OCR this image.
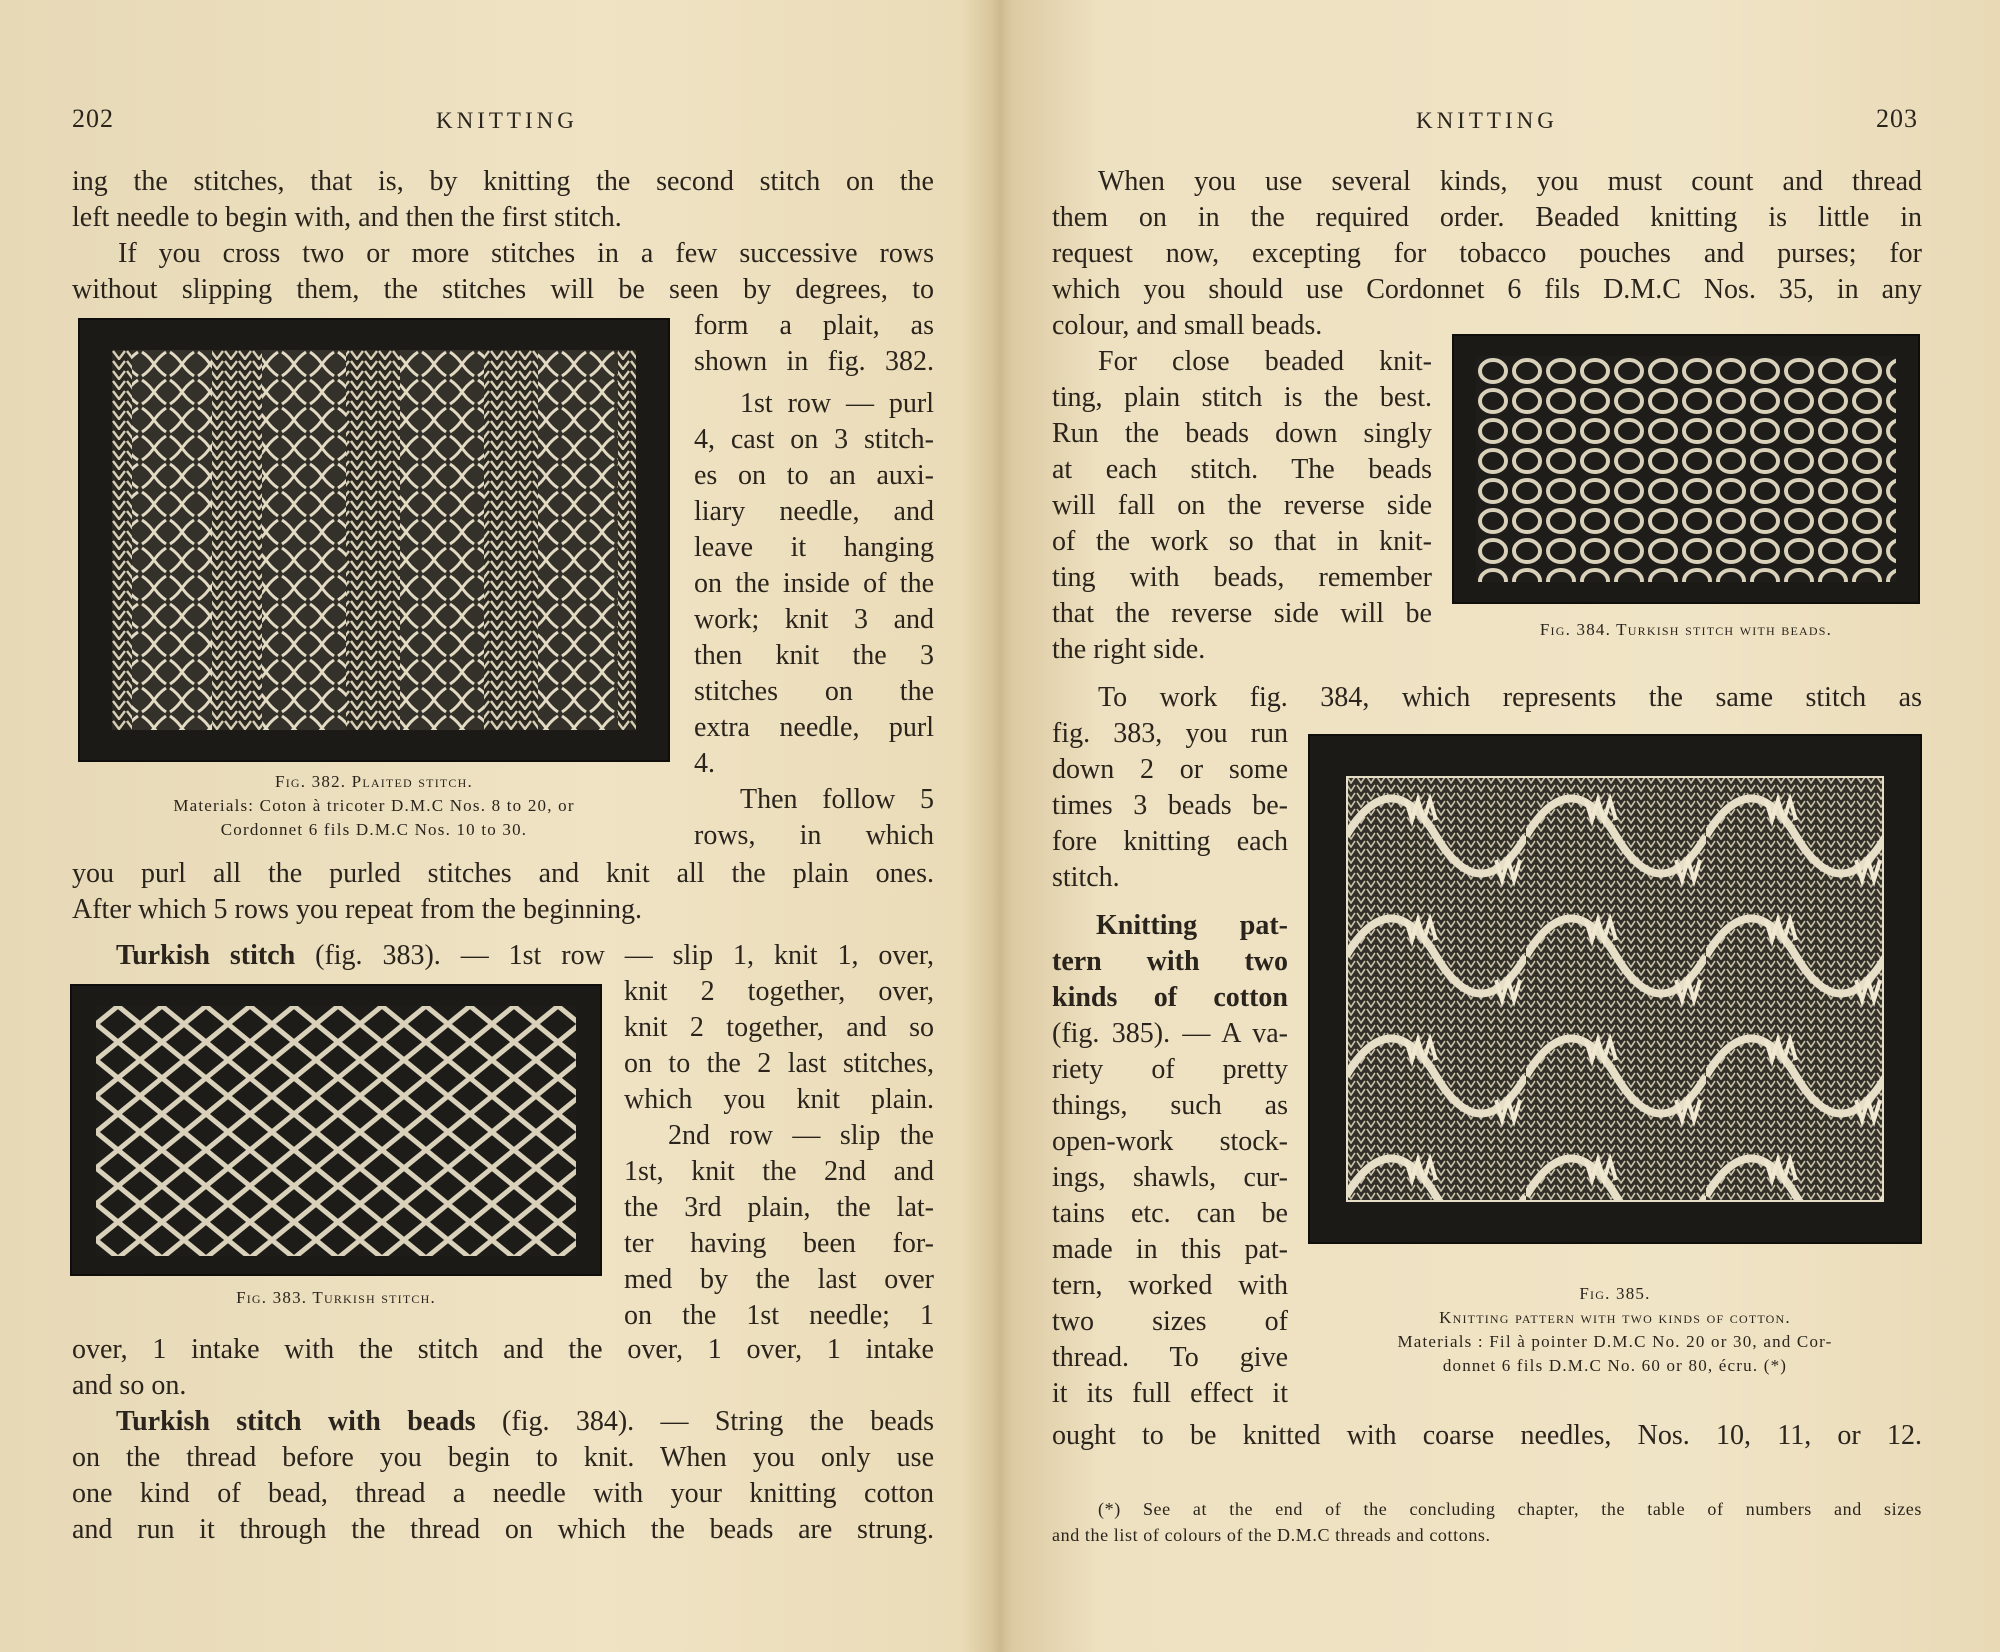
202	KNITTING
ing the stitches, that is, by knitting the second stitch on the
left needle to begin with, and then the first stitch.
If you cross two or more stitches in a few successive rows
without slipping them, the stitches will be seen by degrees, to
form a plait, as
shown in fig. 382.
1st row — purl
4, cast on 3 stitch-
es on to an auxi-
liary needle, and
leave it hanging
on the inside of the
work; knit 3 and
then knit the 3
stitches on the
extra needle, purl
4.
Then follow 5
rows, in which
Fig. 382. Plaited stitch.
Materials: Coton à tricoter D.M.C Nos. 8 to 20, or
Cordonnet 6 fils D.M.C Nos. 10 to 30.
you purl all the purled stitches and knit all the plain ones.
After which 5 rows you repeat from the beginning.
Turkish stitch (fig. 383). — 1st row — slip 1, knit 1, over,
knit 2 together, over,
knit 2 together, and so
on to the 2 last stitches,
which you knit plain.
2nd row — slip the
1st, knit the 2nd and
the 3rd plain, the lat-
ter having been for-
med by the last over
on the 1st needle; 1
Fig. 383. Turkish stitch.
over, 1 intake with the stitch and the over, 1 over, 1 intake
and so on.
Turkish stitch with beads (fig. 384). — String the beads
on the thread before you begin to knit. When you only use
one kind of bead, thread a needle with your knitting cotton
and run it through the thread on which the beads are strung.
KNITTING	203
When you use several kinds, you must count and thread
them on in the required order. Beaded knitting is little in
request now, excepting for tobacco pouches and purses; for
which you should use Cordonnet 6 fils D.M.C Nos. 35, in any
colour, and small beads.
For close beaded knit-
ting, plain stitch is the best.
Run the beads down singly
at each stitch. The beads
will fall on the reverse side
of the work so that in knit-
ting with beads, remember
that the reverse side will be
the right side.
Fig. 384. Turkish stitch with beads.
To work fig. 384, which represents the same stitch as
fig. 383, you run
down 2 or some
times 3 beads be-
fore knitting each
stitch.
Knitting pat-
tern with two
kinds of cotton
(fig. 385). — A va-
riety of pretty
things, such as
open-work stock-
ings, shawls, cur-
tains etc. can be
made in this pat-
tern, worked with
two sizes of
thread. To give
it its full effect it
Fig. 385.
Knitting pattern with two kinds of cotton.
Materials : Fil à pointer D.M.C No. 20 or 30, and Cor-
donnet 6 fils D.M.C No. 60 or 80, écru. (*)
ought to be knitted with coarse needles, Nos. 10, 11, or 12.
(*) See at the end of the concluding chapter, the table of numbers and sizes
and the list of colours of the D.M.C threads and cottons.
